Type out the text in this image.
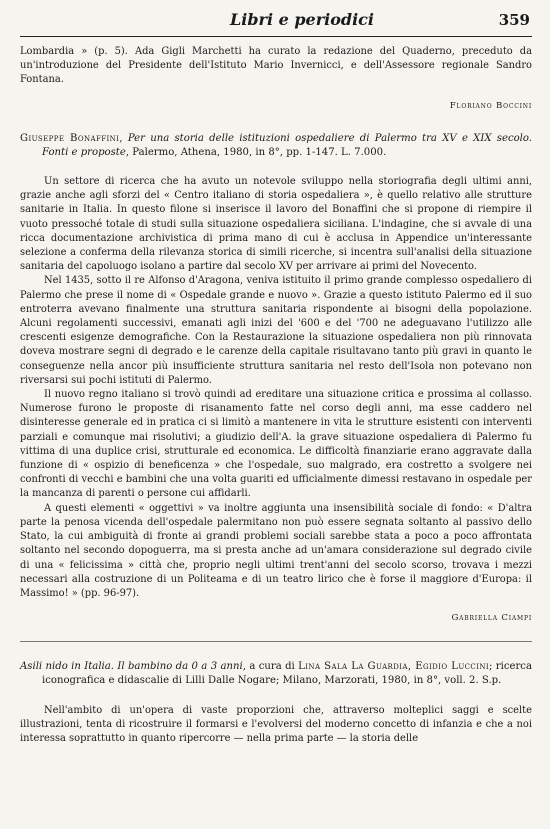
Libri e periodici	359

Lombardia » (p. 5). Ada Gigli Marchetti ha curato la redazione del Quaderno, preceduto da un'introduzione del Presidente dell'Istituto Mario Invernicci, e dell'Assessore regionale Sandro Fontana.

Floriano Boccini

Giuseppe Bonaffini, Per una storia delle istituzioni ospedaliere di Palermo tra XV e XIX secolo. Fonti e proposte, Palermo, Athena, 1980, in 8°, pp. 1-147. L. 7.000.

Un settore di ricerca che ha avuto un notevole sviluppo nella storiografia degli ultimi anni, grazie anche agli sforzi del « Centro italiano di storia ospedaliera », è quello relativo alle strutture sanitarie in Italia. In questo filone si inserisce il lavoro del Bonaffini che si propone di riempire il vuoto pressoché totale di studi sulla situazione ospedaliera siciliana. L'indagine, che si avvale di una ricca documentazione archivistica di prima mano di cui è acclusa in Appendice un'interessante selezione a conferma della rilevanza storica di simili ricerche, si incentra sull'analisi della situazione sanitaria del capoluogo isolano a partire dal secolo XV per arrivare ai primi del Novecento.

Nel 1435, sotto il re Alfonso d'Aragona, veniva istituito il primo grande complesso ospedaliero di Palermo che prese il nome di « Ospedale grande e nuovo ». Grazie a questo istituto Palermo ed il suo entroterra avevano finalmente una struttura sanitaria rispondente ai bisogni della popolazione. Alcuni regolamenti successivi, emanati agli inizi del '600 e del '700 ne adeguavano l'utilizzo alle crescenti esigenze demografiche. Con la Restaurazione la situazione ospedaliera non più rinnovata doveva mostrare segni di degrado e le carenze della capitale risultavano tanto più gravi in quanto le conseguenze nella ancor più insufficiente struttura sanitaria nel resto dell'Isola non potevano non riversarsi sui pochi istituti di Palermo.

Il nuovo regno italiano si trovò quindi ad ereditare una situazione critica e prossima al collasso. Numerose furono le proposte di risanamento fatte nel corso degli anni, ma esse caddero nel disinteresse generale ed in pratica ci si limitò a mantenere in vita le strutture esistenti con interventi parziali e comunque mai risolutivi; a giudizio dell'A. la grave situazione ospedaliera di Palermo fu vittima di una duplice crisi, strutturale ed economica. Le difficoltà finanziarie erano aggravate dalla funzione di « ospizio di beneficenza » che l'ospedale, suo malgrado, era costretto a svolgere nei confronti di vecchi e bambini che una volta guariti ed ufficialmente dimessi restavano in ospedale per la mancanza di parenti o persone cui affidarli.

A questi elementi « oggettivi » va inoltre aggiunta una insensibilità sociale di fondo: « D'altra parte la penosa vicenda dell'ospedale palermitano non può essere segnata soltanto al passivo dello Stato, la cui ambiguità di fronte ai grandi problemi sociali sarebbe stata a poco a poco affrontata soltanto nel secondo dopoguerra, ma si presta anche ad un'amara considerazione sul degrado civile di una « felicissima » città che, proprio negli ultimi trent'anni del secolo scorso, trovava i mezzi necessari alla costruzione di un Politeama e di un teatro lirico che è forse il maggiore d'Europa: il Massimo! » (pp. 96-97).

Gabriella Ciampi

Asili nido in Italia. Il bambino da 0 a 3 anni, a cura di Lina Sala La Guardia, Egidio Luccini; ricerca iconografica e didascalie di Lilli Dalle Nogare; Milano, Marzorati, 1980, in 8°, voll. 2. S.p.

Nell'ambito di un'opera di vaste proporzioni che, attraverso molteplici saggi e scelte illustrazioni, tenta di ricostruire il formarsi e l'evolversi del moderno concetto di infanzia e che a noi interessa soprattutto in quanto ripercorre — nella prima parte — la storia delle
